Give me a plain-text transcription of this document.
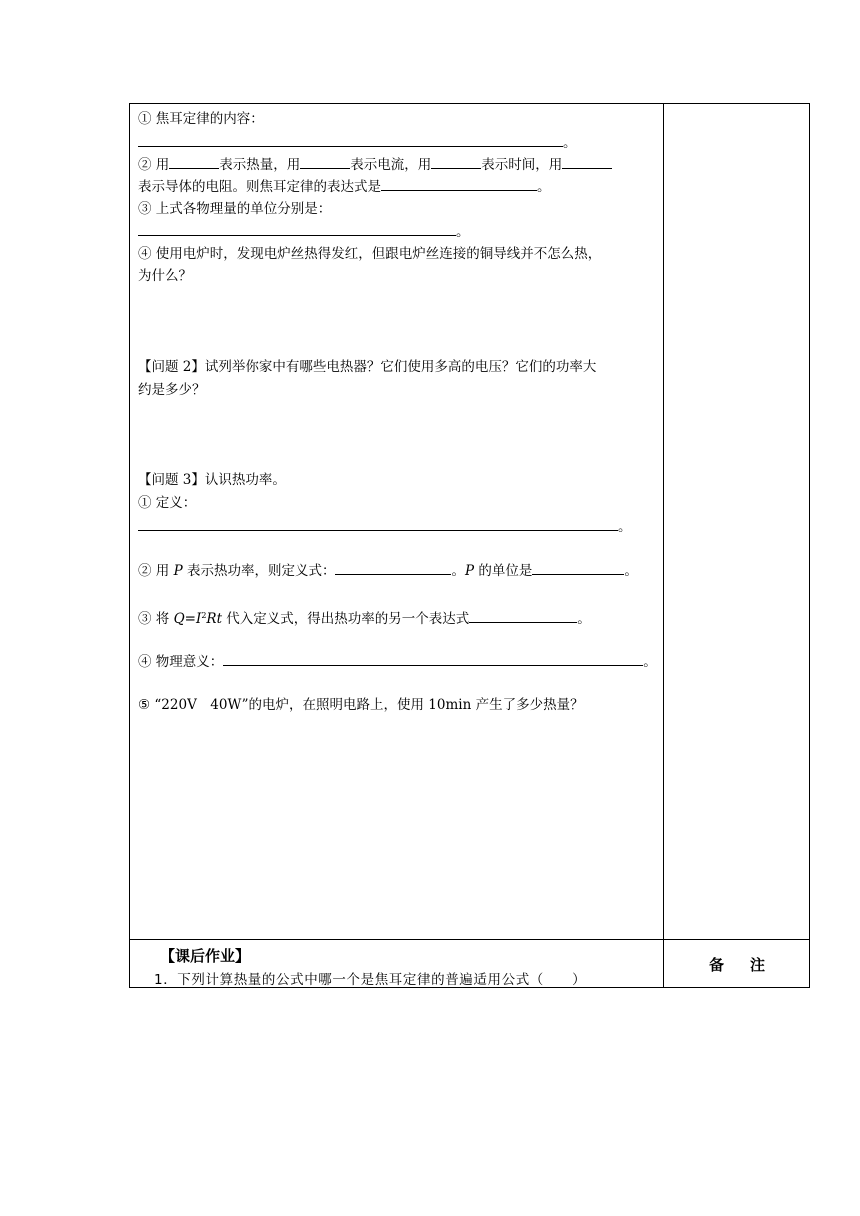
① 焦耳定律的内容：
。
② 用	表示热量，用	表示电流，用	表示时间，用
表示导体的电阻。则焦耳定律的表达式是	。
③ 上式各物理量的单位分别是：
。
④ 使用电炉时，发现电炉丝热得发红，但跟电炉丝连接的铜导线并不怎么热，
为什么？
【问题 2】试列举你家中有哪些电热器？它们使用多高的电压？它们的功率大
约是多少？
【问题 3】认识热功率。
① 定义：
。
② 用 P 表示热功率，则定义式：	。P 的单位是	。
③ 将 $Q=I^2Rt$ 代入定义式，得出热功率的另一个表达式	。
④ 物理意义：	。
⑤ “220V　40W”的电炉，在照明电路上，使用 10min 产生了多少热量？
【课后作业】
1．下列计算热量的公式中哪一个是焦耳定律的普遍适用公式（　　）
备注
